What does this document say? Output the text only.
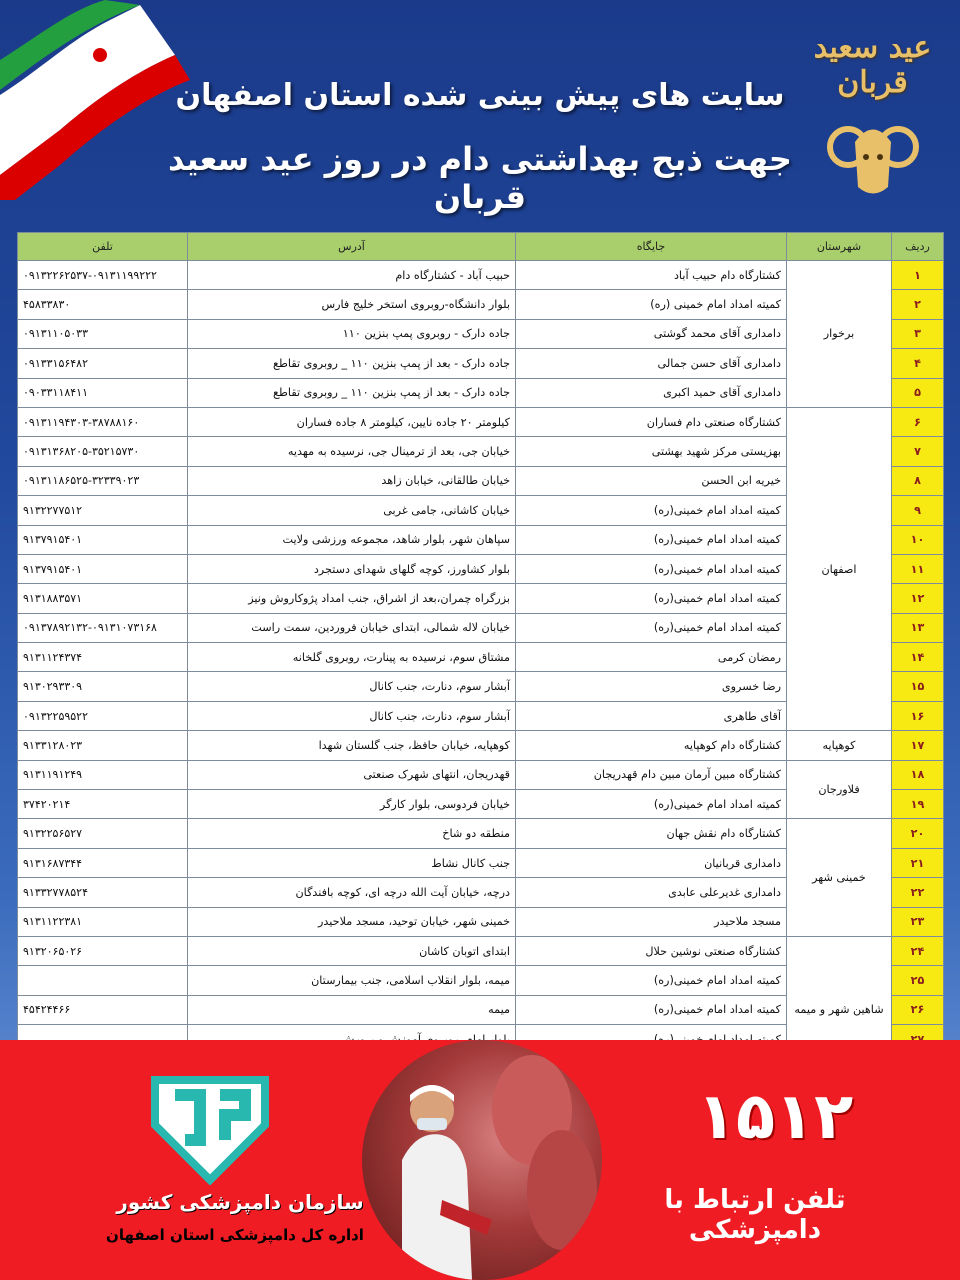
سایت های پیش بینی شده استان اصفهان
جهت ذبح بهداشتی دام در روز عید سعید قربان
عید سعید قربان
ردیف	شهرستان	جایگاه	آدرس	تلفن
۱	برخوار	کشتارگاه دام حبیب آباد	حبیب آباد - کشتارگاه دام	۰۹۱۳۲۲۶۲۵۳۷-۰۹۱۳۱۱۹۹۲۲۲
۲		کمیته امداد امام خمینی (ره)	بلوار دانشگاه-روبروی استخر خلیج فارس	۴۵۸۳۳۸۳۰
۳		دامداری آقای محمد گوشتی	جاده دارک - روبروی پمپ بنزین ۱۱۰	۰۹۱۳۱۱۰۵۰۳۳
۴		دامداری آقای حسن جمالی	جاده دارک - بعد از پمپ بنزین ۱۱۰ _ روبروی تقاطع	۰۹۱۳۳۱۵۶۴۸۲
۵		دامداری آقای حمید اکبری	جاده دارک - بعد از پمپ بنزین ۱۱۰ _ روبروی تقاطع	۰۹۰۳۳۱۱۸۴۱۱
۶	اصفهان	کشتارگاه صنعتی دام فساران	کیلومتر ۲۰ جاده نایین، کیلومتر ۸ جاده فساران	۰۹۱۳۱۱۹۴۳۰۳-۳۸۷۸۸۱۶۰
۷		بهزیستی مرکز شهید بهشتی	خیابان جی، بعد از ترمینال جی، نرسیده به مهدیه	۰۹۱۳۱۳۶۸۲۰۵-۳۵۲۱۵۷۳۰
۸		خیریه ابن الحسن	خیابان طالقانی، خیابان زاهد	۰۹۱۳۱۱۸۶۵۲۵-۳۲۳۳۹۰۲۳
۹		کمیته امداد امام خمینی(ره)	خیابان کاشانی، جامی غربی	۹۱۳۲۲۷۷۵۱۲
۱۰		کمیته امداد امام خمینی(ره)	سپاهان شهر، بلوار شاهد، مجموعه ورزشی ولایت	۹۱۳۷۹۱۵۴۰۱
۱۱		کمیته امداد امام خمینی(ره)	بلوار کشاورز، کوچه گلهای شهدای دستجرد	۹۱۳۷۹۱۵۴۰۱
۱۲		کمیته امداد امام خمینی(ره)	بزرگراه چمران،بعد از اشراق، جنب امداد پژوکاروش ونیز	۹۱۳۱۸۸۳۵۷۱
۱۳		کمیته امداد امام خمینی(ره)	خیابان لاله شمالی، ابتدای خیابان فروردین، سمت راست	۰۹۱۳۷۸۹۲۱۳۲-۰۹۱۳۱۰۷۳۱۶۸
۱۴		رمضان کرمی	مشتاق سوم، نرسیده به پینارت، روبروی گلخانه	۹۱۳۱۱۲۴۳۷۴
۱۵		رضا خسروی	آبشار سوم، دنارت، جنب کانال	۹۱۳۰۲۹۳۳۰۹
۱۶		آقای طاهری	آبشار سوم، دنارت، جنب کانال	۰۹۱۳۲۲۵۹۵۲۲
۱۷	کوهپایه	کشتارگاه دام کوهپایه	کوهپایه، خیابان حافظ، جنب گلستان شهدا	۹۱۳۳۱۲۸۰۲۳
۱۸	فلاورجان	کشتارگاه مبین آرمان مبین دام قهدریجان	قهدریجان، انتهای شهرک صنعتی	۹۱۳۱۱۹۱۲۴۹
۱۹		کمیته امداد امام خمینی(ره)	خیابان فردوسی، بلوار کارگر	۳۷۴۲۰۲۱۴
۲۰	خمینی شهر	کشتارگاه دام نقش جهان	منطقه دو شاخ	۹۱۳۲۲۵۶۵۲۷
۲۱		دامداری قربانیان	جنب کانال نشاط	۹۱۳۱۶۸۷۳۴۴
۲۲		دامداری غدیرعلی عابدی	درچه، خیابان آیت الله درچه ای، کوچه بافندگان	۹۱۳۳۲۷۷۸۵۲۴
۲۳		مسجد ملاحیدر	خمینی شهر، خیابان توحید، مسجد ملاحیدر	۹۱۳۱۱۲۲۳۸۱
۲۴	شاهین شهر و میمه	کشتارگاه صنعتی نوشین حلال	ابتدای اتوبان کاشان	۹۱۳۲۰۶۵۰۲۶
۲۵		کمیته امداد امام خمینی(ره)	میمه، بلوار انقلاب اسلامی، جنب بیمارستان	
۲۶		کمیته امداد امام خمینی(ره)	میمه	۴۵۴۲۴۴۶۶

سازمان دامپزشکی کشور
اداره کل دامپزشکی استان اصفهان
۱۵۱۲
تلفن ارتباط با دامپزشکی
